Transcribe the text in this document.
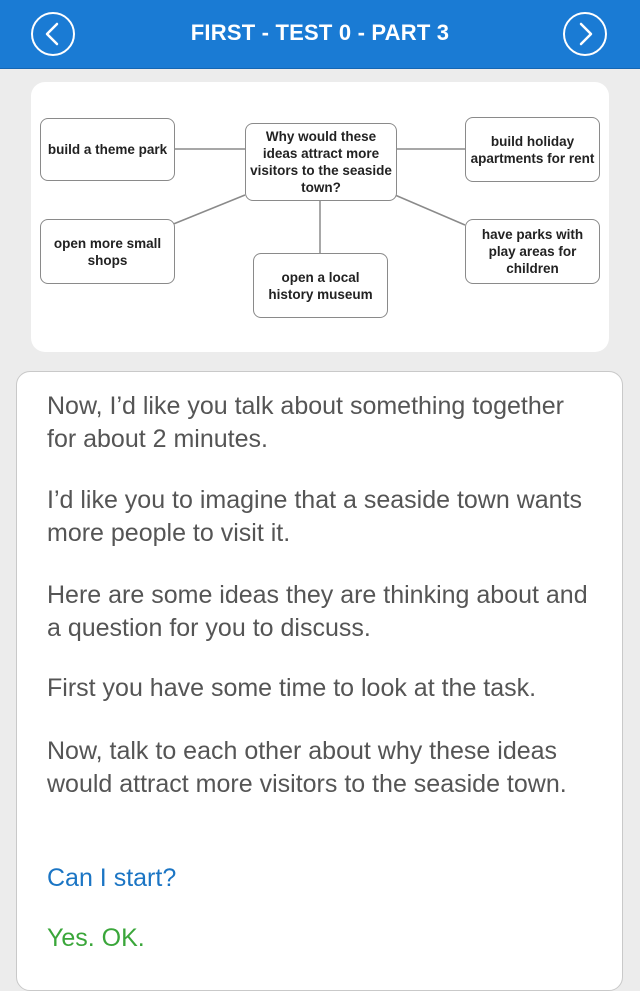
FIRST - TEST 0 - PART 3
Why would these ideas attract more visitors to the seaside town?
build a theme park
build holiday apartments for rent
open more small shops
have parks with play areas for children
open a local history museum

Now, I’d like you talk about something together for about 2 minutes.

I’d like you to imagine that a seaside town wants more people to visit it.

Here are some ideas they are thinking about and a question for you to discuss.

First you have some time to look at the task.

Now, talk to each other about why these ideas would attract more visitors to the seaside town.

Can I start?

Yes. OK.
